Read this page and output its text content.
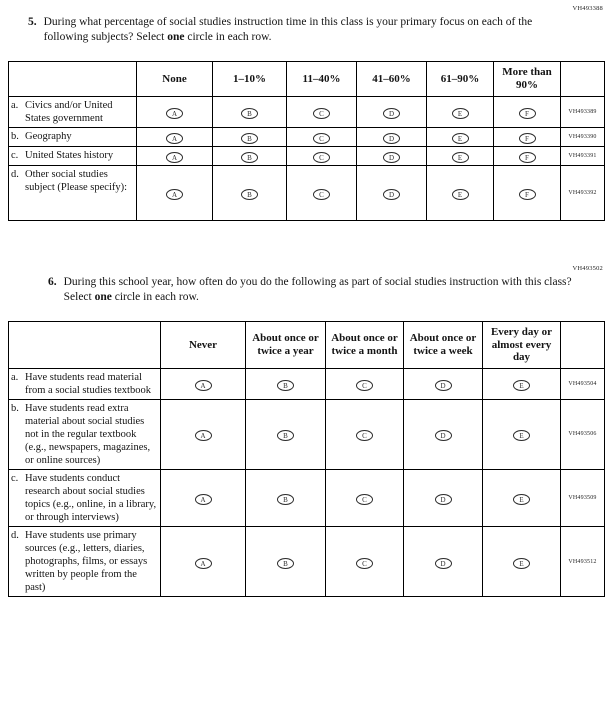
VH493388
5. During what percentage of social studies instruction time in this class is your primary focus on each of the following subjects? Select one circle in each row.
	None	1–10%	11–40%	41–60%	61–90%	More than 90%	

a. Civics and/or United States government	A	B	C	D	E	F	VH493389

b. Geography	A	B	C	D	E	F	VH493390

c. United States history	A	B	C	D	E	F	VH493391

d. Other social studies subject (Please specify):	A	B	C	D	E	F	VH493392
VH493502
6. During this school year, how often do you do the following as part of social studies instruction with this class? Select one circle in each row.
	Never	About once or twice a year	About once or twice a month	About once or twice a week	Every day or almost every day	

a. Have students read material from a social studies textbook	A	B	C	D	E	VH493504

b. Have students read extra material about social studies not in the regular textbook (e.g., newspapers, magazines, or online sources)	A	B	C	D	E	VH493506

c. Have students conduct research about social studies topics (e.g., online, in a library, or through interviews)	A	B	C	D	E	VH493509

d. Have students use primary sources (e.g., letters, diaries, photographs, films, or essays written by people from the past)	A	B	C	D	E	VH493512
